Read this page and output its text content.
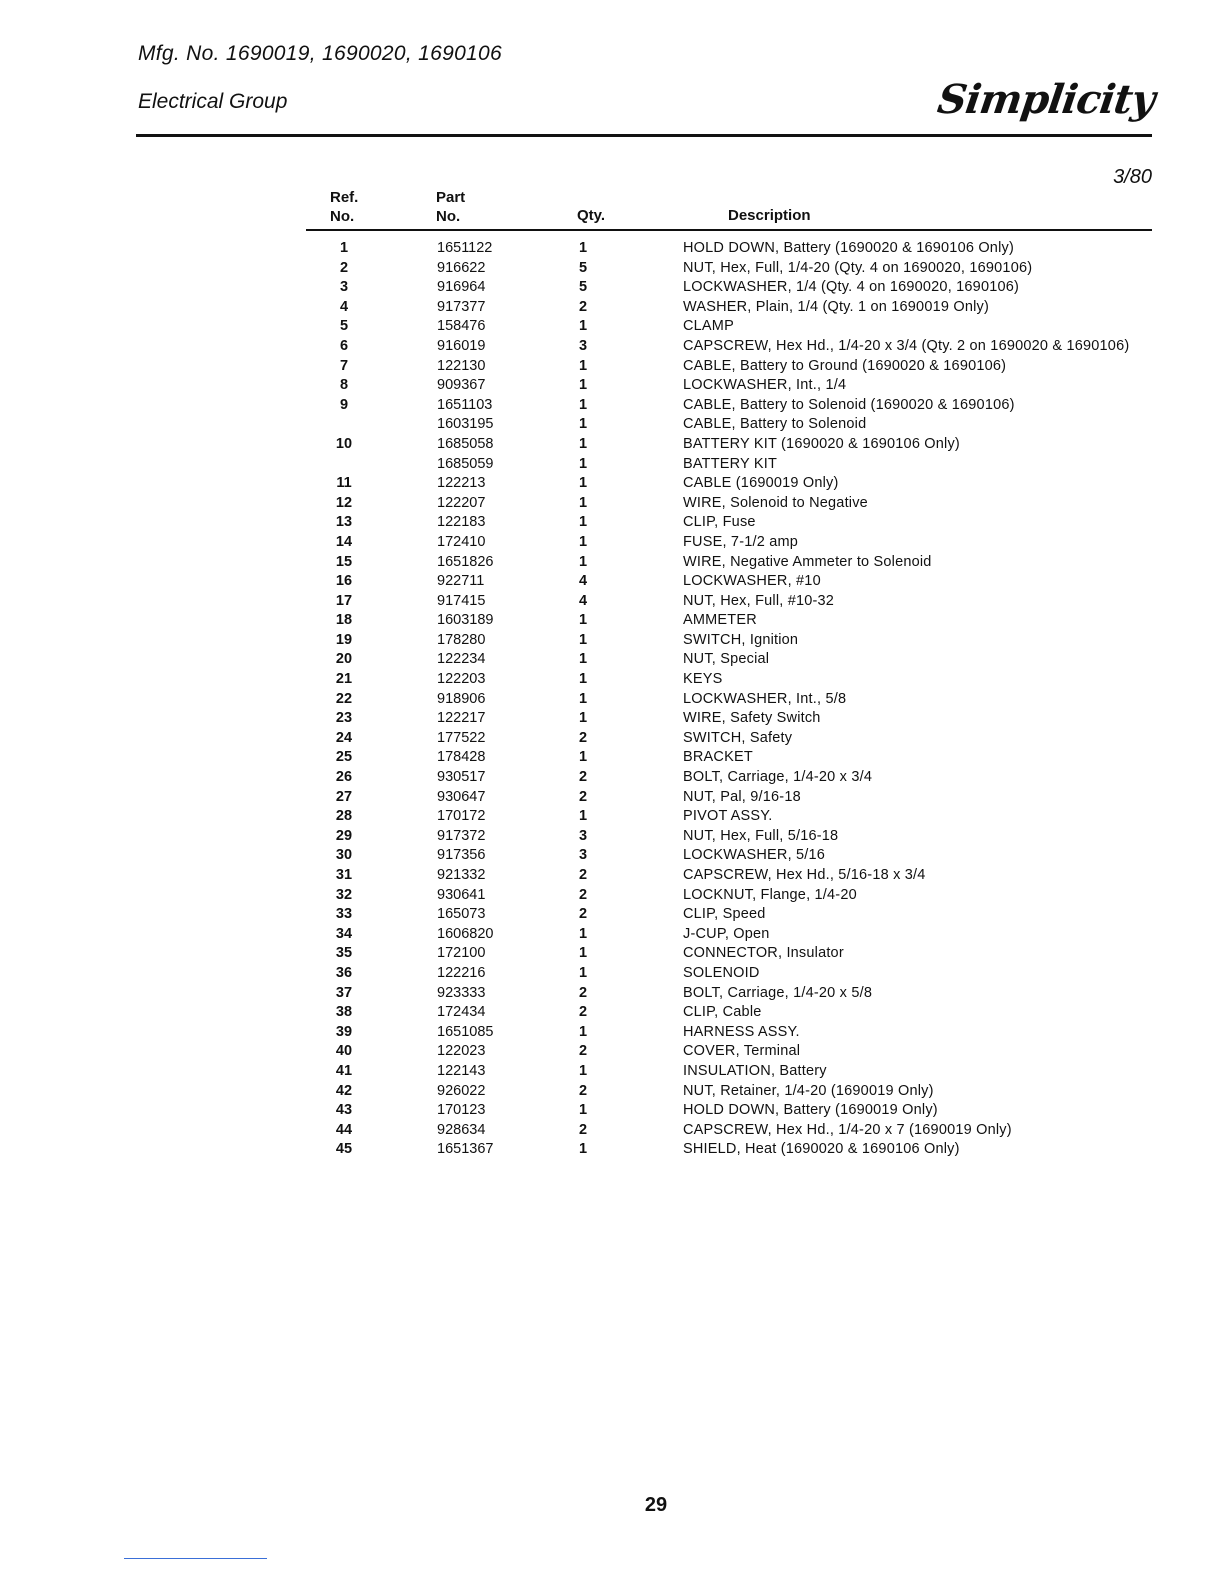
Mfg. No. 1690019, 1690020, 1690106
Electrical Group	Simplicity
3/80
Ref.
No.
Part
No.	Qty.	Description
1	1651122	1	HOLD DOWN, Battery (1690020 & 1690106 Only)
2	916622	5	NUT, Hex, Full, 1/4-20 (Qty. 4 on 1690020, 1690106)
3	916964	5	LOCKWASHER, 1/4 (Qty. 4 on 1690020, 1690106)
4	917377	2	WASHER, Plain, 1/4 (Qty. 1 on 1690019 Only)
5	158476	1	CLAMP
6	916019	3	CAPSCREW, Hex Hd., 1/4-20 x 3/4 (Qty. 2 on 1690020 & 1690106)
7	122130	1	CABLE, Battery to Ground (1690020 & 1690106)
8	909367	1	LOCKWASHER, Int., 1/4
9	1651103	1	CABLE, Battery to Solenoid (1690020 & 1690106)
1603195	1	CABLE, Battery to Solenoid
10	1685058	1	BATTERY KIT (1690020 & 1690106 Only)
1685059	1	BATTERY KIT
11	122213	1	CABLE (1690019 Only)
12	122207	1	WIRE, Solenoid to Negative
13	122183	1	CLIP, Fuse
14	172410	1	FUSE, 7-1/2 amp
15	1651826	1	WIRE, Negative Ammeter to Solenoid
16	922711	4	LOCKWASHER, #10
17	917415	4	NUT, Hex, Full, #10-32
18	1603189	1	AMMETER
19	178280	1	SWITCH, Ignition
20	122234	1	NUT, Special
21	122203	1	KEYS
22	918906	1	LOCKWASHER, Int., 5/8
23	122217	1	WIRE, Safety Switch
24	177522	2	SWITCH, Safety
25	178428	1	BRACKET
26	930517	2	BOLT, Carriage, 1/4-20 x 3/4
27	930647	2	NUT, Pal, 9/16-18
28	170172	1	PIVOT ASSY.
29	917372	3	NUT, Hex, Full, 5/16-18
30	917356	3	LOCKWASHER, 5/16
31	921332	2	CAPSCREW, Hex Hd., 5/16-18 x 3/4
32	930641	2	LOCKNUT, Flange, 1/4-20
33	165073	2	CLIP, Speed
34	1606820	1	J-CUP, Open
35	172100	1	CONNECTOR, Insulator
36	122216	1	SOLENOID
37	923333	2	BOLT, Carriage, 1/4-20 x 5/8
38	172434	2	CLIP, Cable
39	1651085	1	HARNESS ASSY.
40	122023	2	COVER, Terminal
41	122143	1	INSULATION, Battery
42	926022	2	NUT, Retainer, 1/4-20 (1690019 Only)
43	170123	1	HOLD DOWN, Battery (1690019 Only)
44	928634	2	CAPSCREW, Hex Hd., 1/4-20 x 7 (1690019 Only)
45	1651367	1	SHIELD, Heat (1690020 & 1690106 Only)
29
